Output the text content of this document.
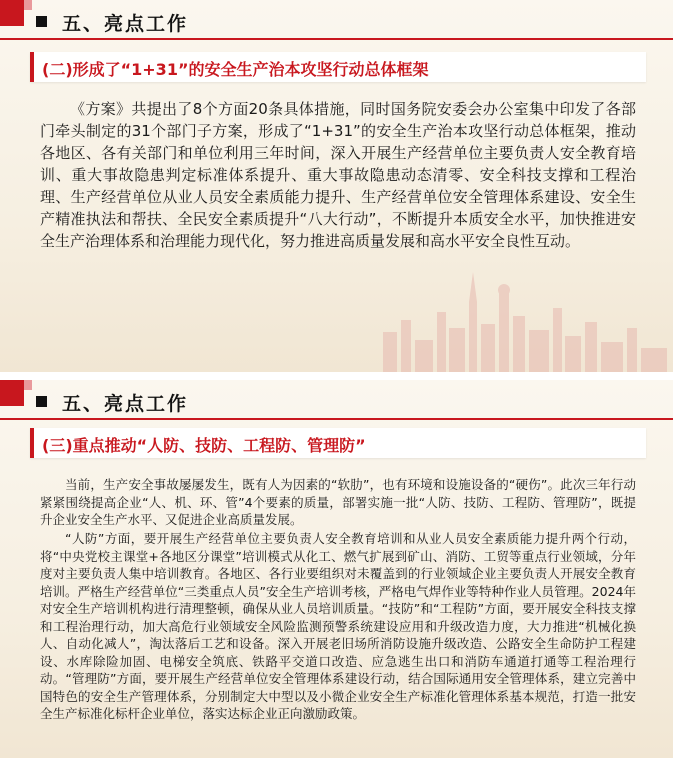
五、亮点工作
(二)形成了“1+31”的安全生产治本攻坚行动总体框架

《方案》共提出了8个方面20条具体措施，同时国务院安委会办公室集中印发了各部门牵头制定的31个部门子方案，形成了“1+31”的安全生产治本攻坚行动总体框架，推动各地区、各有关部门和单位利用三年时间，深入开展生产经营单位主要负责人安全教育培训、重大事故隐患判定标准体系提升、重大事故隐患动态清零、安全科技支撑和工程治理、生产经营单位从业人员安全素质能力提升、生产经营单位安全管理体系建设、安全生产精准执法和帮扶、全民安全素质提升“八大行动”，不断提升本质安全水平，加快推进安全生产治理体系和治理能力现代化，努力推进高质量发展和高水平安全良性互动。

五、亮点工作
(三)重点推动“人防、技防、工程防、管理防”

当前，生产安全事故屡屡发生，既有人为因素的“软肋”，也有环境和设施设备的“硬伤”。此次三年行动紧紧围绕提高企业“人、机、环、管”4个要素的质量，部署实施一批“人防、技防、工程防、管理防”，既提升企业安全生产水平、又促进企业高质量发展。

“人防”方面，要开展生产经营单位主要负责人安全教育培训和从业人员安全素质能力提升两个行动，将“中央党校主课堂+各地区分课堂”培训模式从化工、燃气扩展到矿山、消防、工贸等重点行业领域，分年度对主要负责人集中培训教育。各地区、各行业要组织对未覆盖到的行业领域企业主要负责人开展安全教育培训。严格生产经营单位“三类重点人员”安全生产培训考核，严格电气焊作业等特种作业人员管理。2024年对安全生产培训机构进行清理整顿，确保从业人员培训质量。“技防”和“工程防”方面，要开展安全科技支撑和工程治理行动，加大高危行业领域安全风险监测预警系统建设应用和升级改造力度，大力推进“机械化换人、自动化减人”，淘汰落后工艺和设备。深入开展老旧场所消防设施升级改造、公路安全生命防护工程建设、水库除险加固、电梯安全筑底、铁路平交道口改造、应急逃生出口和消防车通道打通等工程治理行动。“管理防”方面，要开展生产经营单位安全管理体系建设行动，结合国际通用安全管理体系，建立完善中国特色的安全生产管理体系，分别制定大中型以及小微企业安全生产标准化管理体系基本规范，打造一批安全生产标准化标杆企业单位，落实达标企业正向激励政策。
